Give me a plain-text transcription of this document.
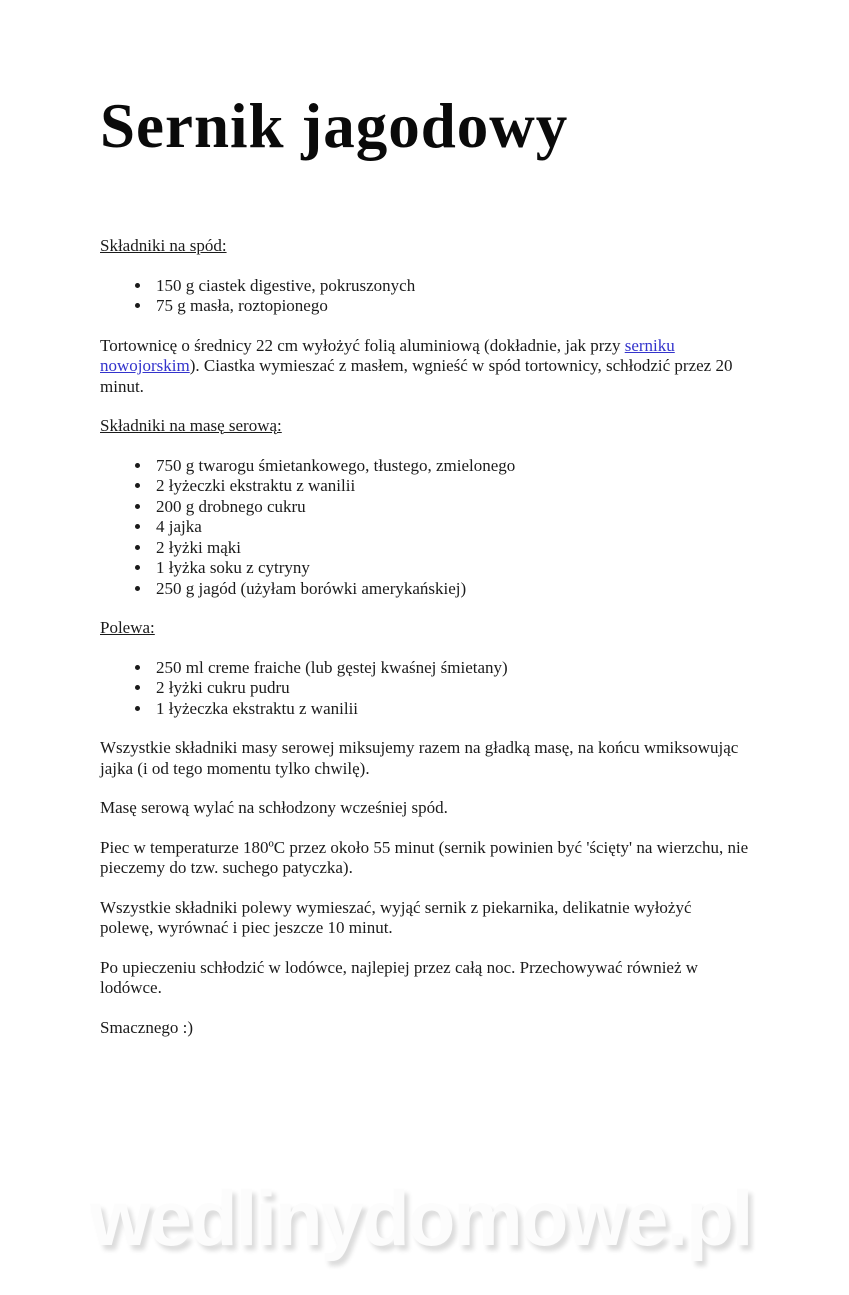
Sernik jagodowy
Składniki na spód:
• 150 g ciastek digestive, pokruszonych
• 75 g masła, roztopionego

Tortownicę o średnicy 22 cm wyłożyć folią aluminiową (dokładnie, jak przy serniku nowojorskim). Ciastka wymieszać z masłem, wgnieść w spód tortownicy, schłodzić przez 20 minut.

Składniki na masę serową:
• 750 g twarogu śmietankowego, tłustego, zmielonego
• 2 łyżeczki ekstraktu z wanilii
• 200 g drobnego cukru
• 4 jajka
• 2 łyżki mąki
• 1 łyżka soku z cytryny
• 250 g jagód (użyłam borówki amerykańskiej)
Polewa:
• 250 ml creme fraiche (lub gęstej kwaśnej śmietany)
• 2 łyżki cukru pudru
• 1 łyżeczka ekstraktu z wanilii

Wszystkie składniki masy serowej miksujemy razem na gładką masę, na końcu wmiksowując jajka (i od tego momentu tylko chwilę).

Masę serową wylać na schłodzony wcześniej spód.

Piec w temperaturze 180ºC przez około 55 minut (sernik powinien być 'ścięty' na wierzchu, nie pieczemy do tzw. suchego patyczka).

Wszystkie składniki polewy wymieszać, wyjąć sernik z piekarnika, delikatnie wyłożyć polewę, wyrównać i piec jeszcze 10 minut.

Po upieczeniu schłodzić w lodówce, najlepiej przez całą noc. Przechowywać również w lodówce.

Smacznego :)

wedlinydomowe.pl
